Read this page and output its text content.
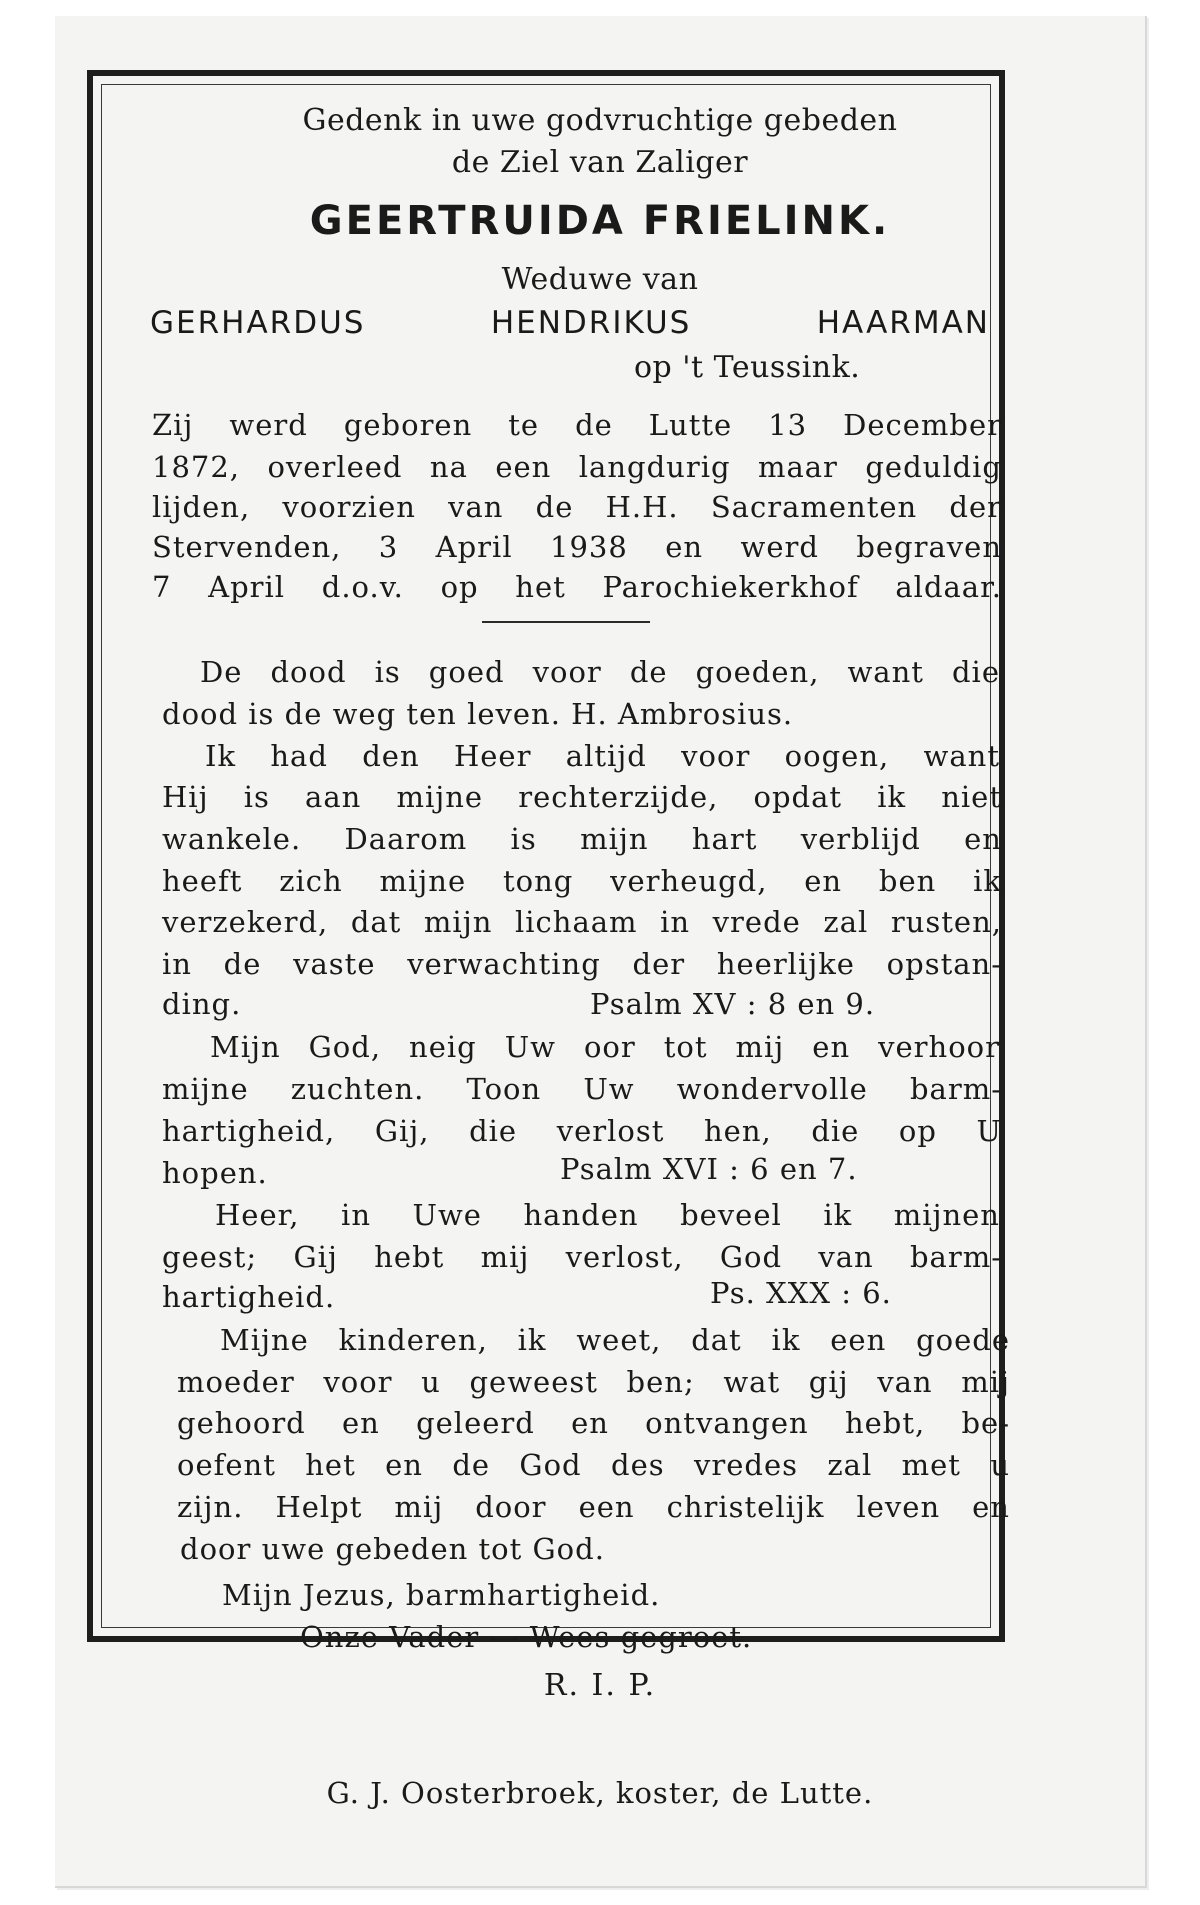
Gedenk in uwe godvruchtige gebeden
de Ziel van Zaliger
GEERTRUIDA FRIELINK.
Weduwe van
GERHARDUS HENDRIKUS HAARMAN
op 't Teussink.
Zij werd geboren te de Lutte 13 December
1872, overleed na een langdurig maar geduldig
lijden, voorzien van de H.H. Sacramenten der
Stervenden, 3 April 1938 en werd begraven
7 April d.o.v. op het Parochiekerkhof aldaar.
De dood is goed voor de goeden, want die
dood is de weg ten leven. H. Ambrosius.
Ik had den Heer altijd voor oogen, want
Hij is aan mijne rechterzijde, opdat ik niet
wankele. Daarom is mijn hart verblijd en
heeft zich mijne tong verheugd, en ben ik
verzekerd, dat mijn lichaam in vrede zal rusten,
in de vaste verwachting der heerlijke opstan-
ding.	Psalm XV : 8 en 9.
Mijn God, neig Uw oor tot mij en verhoor
mijne zuchten. Toon Uw wondervolle barm-
hartigheid, Gij, die verlost hen, die op U
hopen.	Psalm XVI : 6 en 7.
Heer, in Uwe handen beveel ik mijnen
geest; Gij hebt mij verlost, God van barm-
hartigheid.	Ps. XXX : 6.
Mijne kinderen, ik weet, dat ik een goede
moeder voor u geweest ben; wat gij van mij
gehoord en geleerd en ontvangen hebt, be-
oefent het en de God des vredes zal met u
zijn. Helpt mij door een christelijk leven en
door uwe gebeden tot God.
Mijn Jezus, barmhartigheid.
Onze Vader — Wees gegroet.
R. I. P.
G. J. Oosterbroek, koster, de Lutte.
